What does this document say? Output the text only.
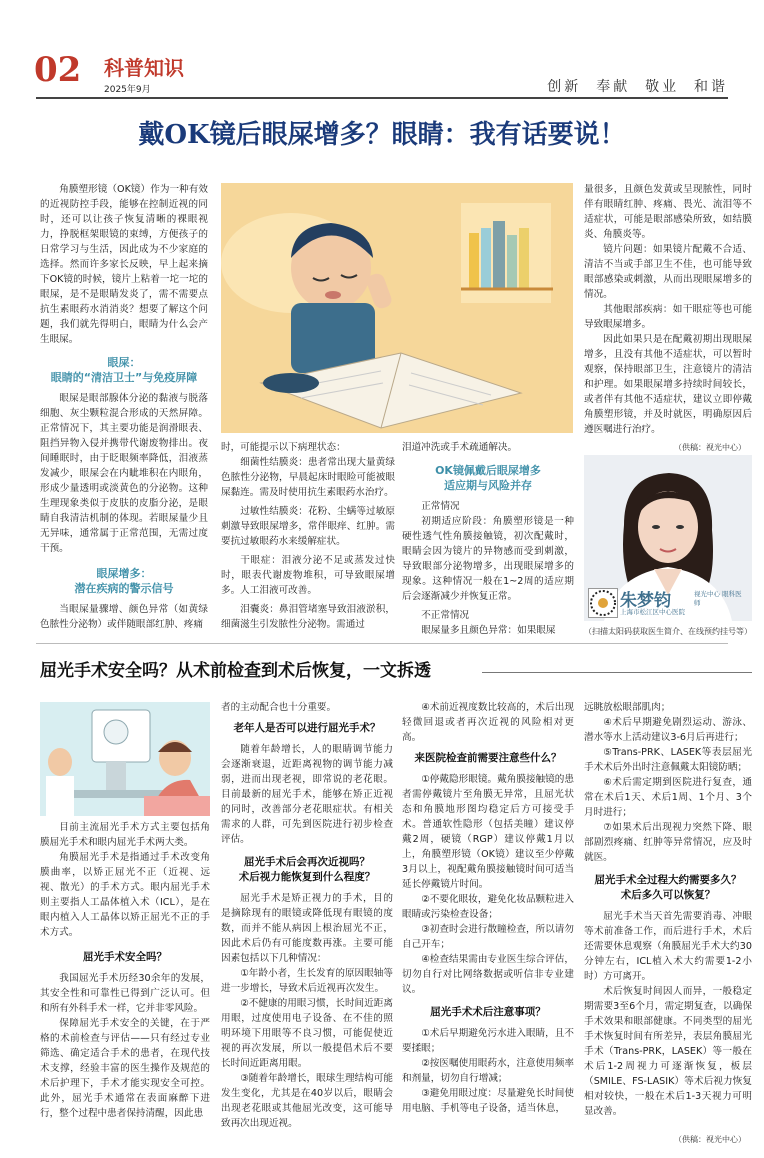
02 科普知识
2025年9月	创新  奉献  敬业  和谐
戴OK镜后眼屎增多？眼睛：我有话要说！

角膜塑形镜（OK镜）作为一种有效的近视防控手段，能够在控制近视的同时，还可以让孩子恢复清晰的裸眼视力，挣脱框架眼镜的束缚，方便孩子的日常学习与生活，因此成为不少家庭的选择。然而许多家长反映，早上起来摘下OK镜的时候，镜片上粘着一坨一坨的眼屎，是不是眼睛发炎了，需不需要点抗生素眼药水消消炎？想要了解这个问题，我们就先得明白，眼睛为什么会产生眼屎。

眼屎：
眼睛的“清洁卫士”与免疫屏障

眼屎是眼部腺体分泌的黏液与脱落细胞、灰尘颗粒混合形成的天然屏障。正常情况下，其主要功能是润滑眼表、阻挡异物入侵并携带代谢废物排出。夜间睡眠时，由于眨眼频率降低，泪液蒸发减少，眼屎会在内眦堆积在内眼角，形成少量透明或淡黄色的分泌物。这种生理现象类似于皮肤的皮脂分泌，是眼睛自我清洁机制的体现。若眼屎量少且无异味，通常属于正常范围，无需过度干预。

眼屎增多：
潜在疾病的警示信号

当眼屎量骤增、颜色异常（如黄绿色脓性分泌物）或伴随眼部红肿、疼痛

时，可能提示以下病理状态：

细菌性结膜炎：患者常出现大量黄绿色脓性分泌物，早晨起床时眼睑可能被眼屎黏连。需及时使用抗生素眼药水治疗。

过敏性结膜炎：花粉、尘螨等过敏原刺激导致眼屎增多，常伴眼痒、红肿。需要抗过敏眼药水来缓解症状。

干眼症：泪液分泌不足或蒸发过快时，眼表代谢废物堆积，可导致眼屎增多。人工泪液可改善。

泪囊炎：鼻泪管堵塞导致泪液淤积，细菌滋生引发脓性分泌物。需通过

泪道冲洗或手术疏通解决。

OK镜佩戴后眼屎增多
适应期与风险并存

正常情况

初期适应阶段：角膜塑形镜是一种硬性透气性角膜接触镜，初次配戴时，眼睛会因为镜片的异物感而受到刺激，导致眼部分泌物增多，出现眼屎增多的现象。这种情况一般在1~2周的适应期后会逐渐减少并恢复正常。

不正常情况

眼屎量多且颜色异常：如果眼屎

量很多，且颜色发黄或呈现脓性，同时伴有眼睛红肿、疼痛、畏光、流泪等不适症状，可能是眼部感染所致，如结膜炎、角膜炎等。

镜片问题：如果镜片配戴不合适、清洁不当或手部卫生不佳，也可能导致眼部感染或刺激，从而出现眼屎增多的情况。

其他眼部疾病：如干眼症等也可能导致眼屎增多。

因此如果只是在配戴初期出现眼屎增多，且没有其他不适症状，可以暂时观察，保持眼部卫生，注意镜片的清洁和护理。如果眼屎增多持续时间较长，或者伴有其他不适症状，建议立即停戴角膜塑形镜，并及时就医，明确原因后遵医嘱进行治疗。

（供稿：视光中心）
朱梦钧	视光中心 眼科医师
上海市松江区中心医院
（扫描太阳码获取医生简介、在线预约挂号等）
屈光手术安全吗？从术前检查到术后恢复，一文拆透

目前主流屈光手术方式主要包括角膜屈光手术和眼内屈光手术两大类。

角膜屈光手术是指通过手术改变角膜曲率，以矫正屈光不正（近视、远视、散光）的手术方式。眼内屈光手术则主要指人工晶体植入术（ICL），是在眼内植入人工晶体以矫正屈光不正的手术方式。

屈光手术安全吗？

我国屈光手术历经30余年的发展，其安全性和可靠性已得到广泛认可。但和所有外科手术一样，它并非零风险。

保障屈光手术安全的关键，在于严格的术前检查与评估——只有经过专业筛选、确定适合手术的患者，在现代技术支撑，经验丰富的医生操作及规范的术后护理下，手术才能实现安全可控。此外，屈光手术通常在表面麻醉下进行，整个过程中患者保持清醒，因此患

者的主动配合也十分重要。

老年人是否可以进行屈光手术？

随着年龄增长，人的眼睛调节能力会逐渐衰退，近距离视物的调节能力减弱，进而出现老视，即常说的老花眼。目前最新的屈光手术，能够在矫正近视的同时，改善部分老花眼症状。有相关需求的人群，可先到医院进行初步检查评估。

屈光手术后会再次近视吗？
术后视力能恢复到什么程度？

屈光手术是矫正视力的手术，目的是摘除现有的眼镜或降低现有眼镜的度数，而并不能从病因上根治屈光不正，因此术后仍有可能度数再涨。主要可能因素包括以下几种情况：

①年龄小者，生长发育的原因眼轴等进一步增长，导致术后近视再次发生。

②不健康的用眼习惯，长时间近距离用眼，过度使用电子设备、在不佳的照明环境下用眼等不良习惯，可能促使近视的再次发展，所以一般提倡术后不要长时间近距离用眼。

③随着年龄增长，眼球生理结构可能发生变化，尤其是在40岁以后，眼睛会出现老花眼或其他屈光改变，这可能导致再次出现近视。

④术前近视度数比较高的，术后出现轻微回退或者再次近视的风险相对更高。

来医院检查前需要注意些什么？

①停戴隐形眼镜。戴角膜接触镜的患者需停戴镜片至角膜无异常，且屈光状态和角膜地形图均稳定后方可接受手术。普通软性隐形（包括美瞳）建议停戴2周，硬镜（RGP）建议停戴1月以上，角膜塑形镜（OK镜）建议至少停戴3月以上，视配戴角膜接触镜时间可适当延长停戴镜片时间。

②不要化眼妆，避免化妆品颗粒进入眼睛或污染检查设备；

③初查时会进行散瞳检查，所以请勿自己开车；

④检查结果需由专业医生综合评估，切勿自行对比网络数据或听信非专业建议。

屈光手术术后注意事项？

①术后早期避免污水进入眼睛，且不要揉眼；

②按医嘱使用眼药水，注意使用频率和剂量，切勿自行增减；

③避免用眼过度：尽量避免长时间使用电脑、手机等电子设备，适当休息，

远眺放松眼部肌肉；

④术后早期避免剧烈运动、游泳、潜水等水上活动建议3-6月后再进行；

⑤Trans-PRK、LASEK等表层屈光手术术后外出时注意佩戴太阳镜防晒；

⑥术后需定期到医院进行复查，通常在术后1天、术后1周、1个月、3个月时进行；

⑦如果术后出现视力突然下降、眼部剧烈疼痛、红肿等异常情况，应及时就医。

屈光手术全过程大约需要多久？
术后多久可以恢复？

屈光手术当天首先需要消毒、冲眼等术前准备工作，而后进行手术，术后还需要休息观察（角膜屈光手术大约30分钟左右，ICL植入术大约需要1-2小时）方可离开。

术后恢复时间因人而异，一般稳定期需要3至6个月，需定期复查，以确保手术效果和眼部健康。不同类型的屈光手术恢复时间有所差异，表层角膜屈光手术（Trans-PRK，LASEK）等一般在术后1-2周视力可逐渐恢复，板层（SMILE、FS-LASIK）等术后视力恢复相对较快，一般在术后1-3天视力可明显改善。

（供稿：视光中心）
